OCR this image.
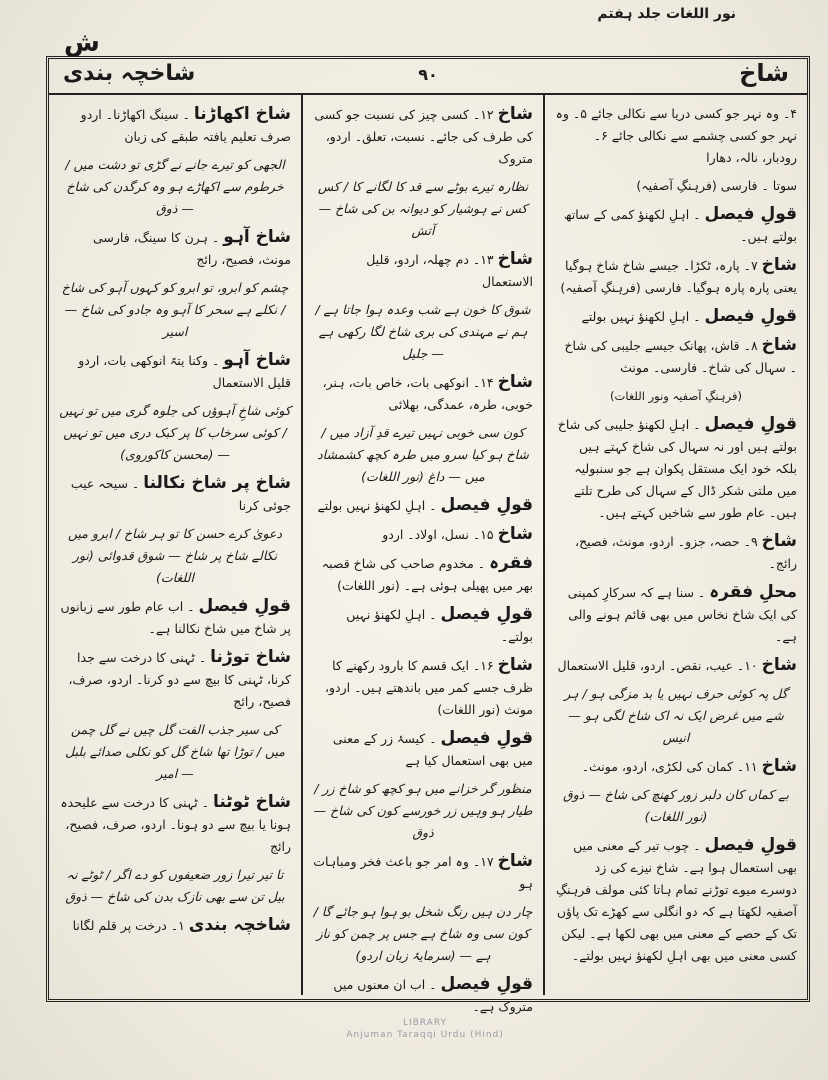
نور اللغات جلد ہفتم
ش
شاخچہ بندی	۹۰	شاخ

۴۔ وہ نہر جو کسی دریا سے نکالی جائے ۵۔ وہ نہر جو کسی چشمے سے نکالی جائے ۶۔ رودبار، نالہ، دھارا

سوتا ۔ فارسی (فرہنگِ آصفیہ)

قولِ فیصل ۔ اہلِ لکھنؤ کمی کے ساتھ بولتے ہیں۔

شاخ ۷۔ پارہ، ٹکڑا۔ جیسے شاخ شاخ ہوگیا یعنی پارہ پارہ ہوگیا۔ فارسی (فرہنگِ آصفیہ)

قولِ فیصل ۔ اہلِ لکھنؤ نہیں بولتے

شاخ ۸۔ قاش، پھانک جیسے جلیبی کی شاخ ۔ سہال کی شاخ۔ فارسی۔ مونث

(فرہنگِ آصفیہ ونور اللغات)

قولِ فیصل ۔ اہلِ لکھنؤ جلیبی کی شاخ بولتے ہیں اور نہ سہال کی شاخ کہتے ہیں بلکہ خود ایک مستقل پکوان ہے جو سنبولیہ میں ملتی شکر ڈال کے سہال کی طرح تلتے ہیں۔ عام طور سے شاخیں کہتے ہیں۔

شاخ ۹۔ حصہ، جزو۔ اردو، مونث، فصیح، رائج۔

محلِ فقرہ ۔ سنا ہے کہ سرکارِ کمپنی کی ایک شاخ نخاس میں بھی قائم ہونے والی ہے۔

شاخ ۱۰۔ عیب، نقص۔ اردو، قلیل الاستعمال

گل پہ کوئی حرف نہیں یا بد مزگی ہو / ہر شے میں غرض ایک نہ اک شاخ لگی ہو — انیس

شاخ ۱۱۔ کمان کی لکڑی، اردو، مونث۔

بے کماں کان دلبر زور کھنچ کی شاخ — ذوق (نور اللغات)

قولِ فیصل ۔ چوب تیر کے معنی میں بھی استعمال ہوا ہے۔ شاخ نیزے کی زد دوسرے میوے توڑنے تمام ہاتا کئی مولف فرہنگِ آصفیہ لکھتا ہے کہ دو انگلی سے کھڑے تک پاؤں تک کے حصے کے معنی میں بھی لکھا ہے۔ لیکن کسی معنی میں بھی اہلِ لکھنؤ نہیں بولتے۔

شاخ ۱۲۔ کسی چیز کی نسبت جو کسی کی طرف کی جائے۔ نسبت، تعلق۔ اردو، متروک

نظارہ تیرے بوٹے سے قد کا لگانے کا / کس کس نے ہوشیار کو دیوانہ بن کی شاخ — آتش

شاخ ۱۳۔ دم چھلہ، اردو، قلیل الاستعمال

شوق کا خون ہے شب وعدہ ہوا جاتا ہے / ہم نے مہندی کی بری شاخ لگا رکھی ہے — جلیل

شاخ ۱۴۔ انوکھی بات، خاص بات، ہنر، خوبی، طرہ، عمدگی، بھلائی

کون سی خوبی نہیں تیرے قدِ آزاد میں / شاخ ہو کیا سرو میں طرہ کچھ کشمشاد میں — داغ (نور اللغات)

قولِ فیصل ۔ اہلِ لکھنؤ نہیں بولتے

شاخ ۱۵۔ نسل، اولاد۔ اردو

فقرہ ۔ مخدوم صاحب کی شاخ قصبہ بھر میں پھیلی ہوئی ہے۔ (نور اللغات)

قولِ فیصل ۔ اہلِ لکھنؤ نہیں بولتے۔

شاخ ۱۶۔ ایک قسم کا بارود رکھنے کا ظرف جسے کمر میں باندھتے ہیں۔ اردو، مونث (نور اللغات)

قولِ فیصل ۔ کیسۂ زر کے معنی میں بھی استعمال کیا ہے

منظور گر خزانے میں ہو کچھ کو شاخ زر / طیار ہو وہیں زر خورسے کون کی شاخ — ذوق

شاخ ۱۷۔ وہ امر جو باعث فخر ومباہات ہو

چار دن ہیں رنگ شخل بو ہوا ہو جائے گا / کون سی وہ شاخ ہے جس پر چمن کو ناز ہے — (سرمایۂ زبان اردو)

قولِ فیصل ۔ اب ان معنوں میں متروک ہے۔

شاخ اکھاڑنا ۔ سینگ اکھاڑنا۔ اردو صرف تعلیم یافتہ طبقے کی زبان

الجھی کو تیرے جانے نے گڑی تو دشت میں / خرطوم سے اکھاڑے ہو وہ کرگدن کی شاخ — ذوق

شاخ آہو ۔ ہرن کا سینگ، فارسی مونث، فصیح، رائج

چشم کو ابرو، تو ابرو کو کہوں آہو کی شاخ / نکلے ہے سحر کا آہو وہ جادو کی شاخ — اسیر

شاخ آہو ۔ وکنا یتہً انوکھی بات، اردو قلیل الاستعمال

کوئی شاخِ آہوؤں کی جلوہ گری میں تو نہیں / کوئی سرخاب کا پر کبک دری میں تو نہیں — (محسن کاکوروی)

شاخ پر شاخ نکالنا ۔ سیحہ عیب جوئی کرنا

دعویٰ کرے حسن کا تو ہر شاخ / ابرو میں نکالے شاخ پر شاخ — شوق قدوائی (نور اللغات)

قولِ فیصل ۔ اب عام طور سے زبانوں پر شاخ میں شاخ نکالنا ہے۔

شاخ توڑنا ۔ ٹہنی کا درخت سے جدا کرنا، ٹہنی کا بیچ سے دو کرنا۔ اردو، صرف، فصیح، رائج

کی سیر جذب الفت گل چیں نے گل چمن میں / توڑا تھا شاخ گل کو نکلی صدائے بلبل — امیر

شاخ ٹوٹنا ۔ ٹہنی کا درخت سے علیحدہ ہونا یا بیچ سے دو ہونا۔ اردو، صرف، فصیح، رائج

تا تیر تیرا زور ضعیفوں کو دے اگر / ٹوٹے نہ بیل تن سے بھی نازک بدن کی شاخ — ذوق

شاخچہ بندی ۱۔ درخت پر قلم لگانا

LIBRARY
Anjuman Taraqqi Urdu (Hind)
